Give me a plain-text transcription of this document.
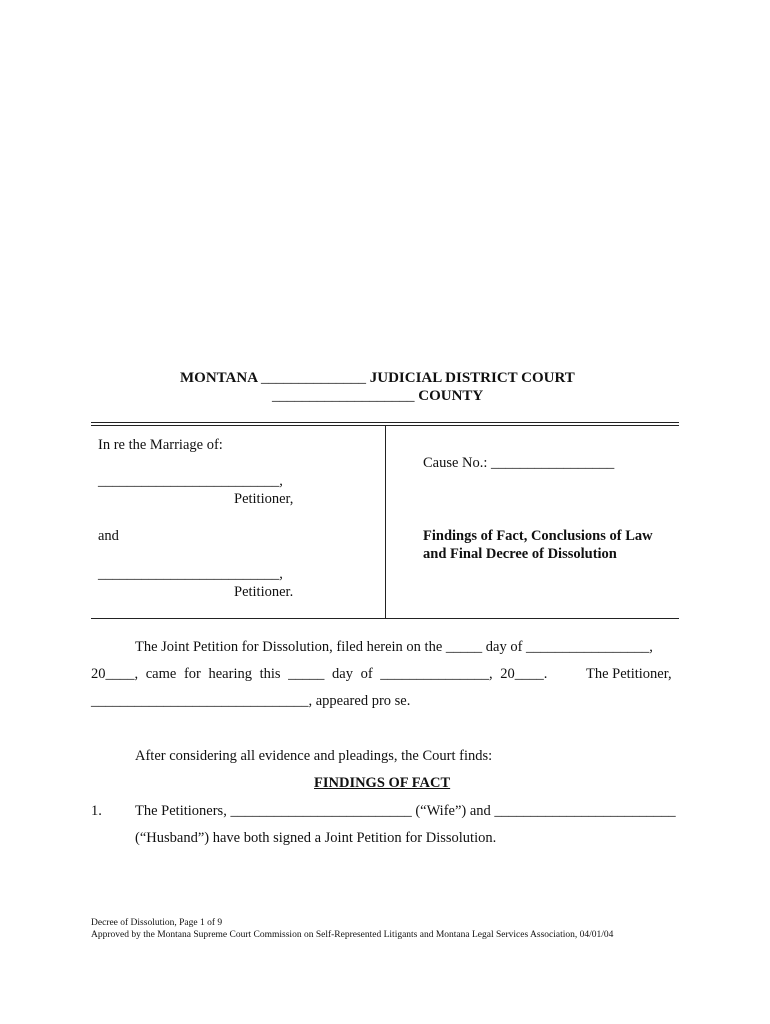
MONTANA ______________ JUDICIAL DISTRICT COURT
___________________ COUNTY
In re the Marriage of:
_________________________,
Petitioner,
and
_________________________,
Petitioner.
Cause No.: _________________
Findings of Fact, Conclusions of Law
and Final Decree of Dissolution
The Joint Petition for Dissolution, filed herein on the _____ day of _________________,
20____, came for hearing this _____ day of _______________, 20____.	The Petitioner,
______________________________, appeared pro se.
After considering all evidence and pleadings, the Court finds:
FINDINGS OF FACT
1. The Petitioners, _________________________ (“Wife”) and _________________________
(“Husband”) have both signed a Joint Petition for Dissolution.
Decree of Dissolution, Page 1 of 9
Approved by the Montana Supreme Court Commission on Self-Represented Litigants and Montana Legal Services Association, 04/01/04
